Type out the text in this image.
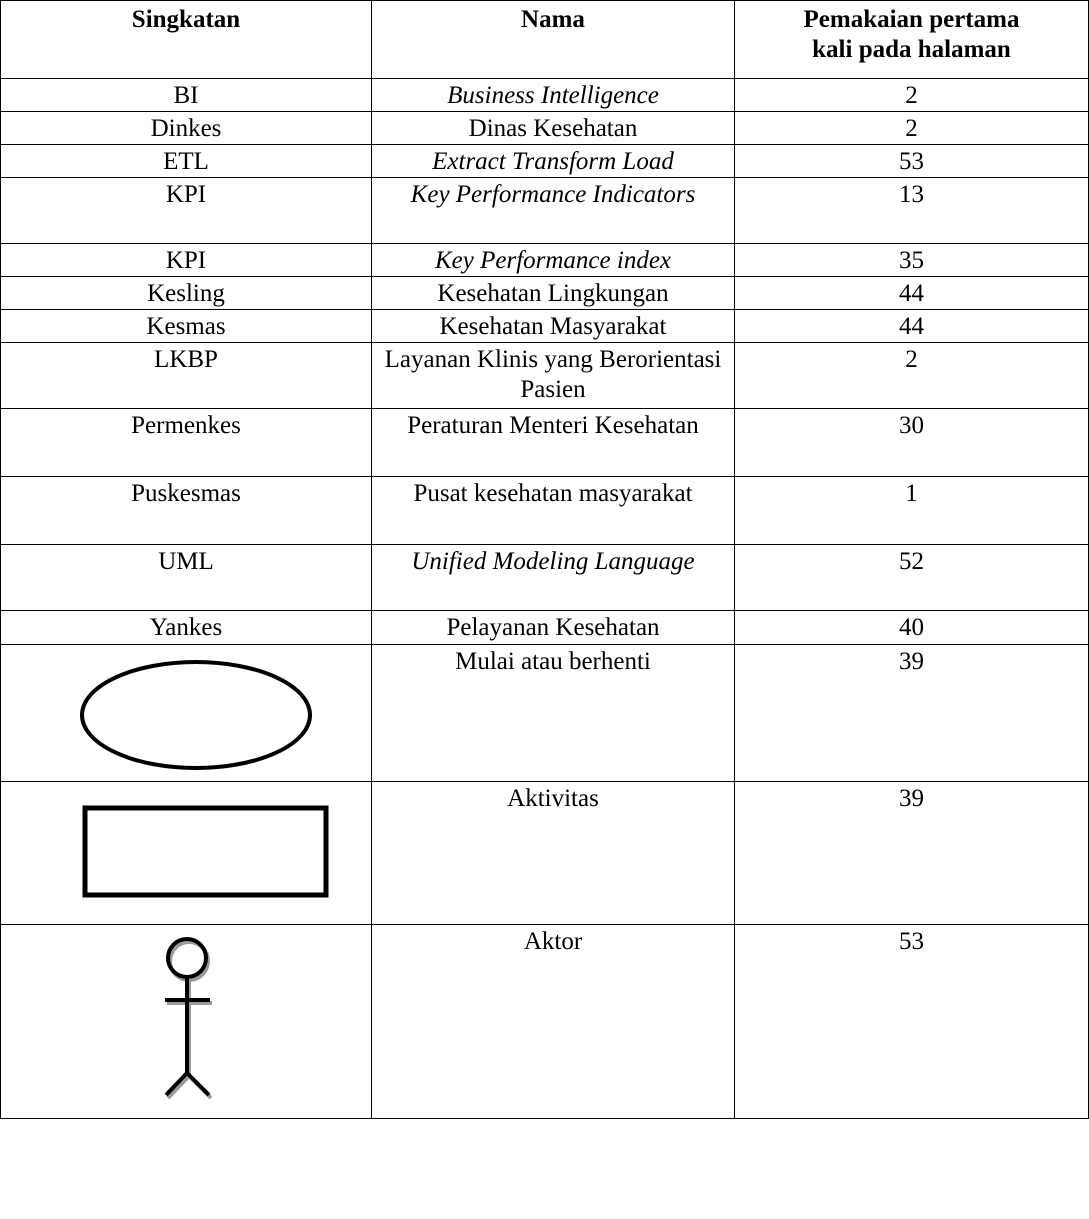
Singkatan	Nama	Pemakaian pertama
kali pada halaman

BI	Business Intelligence	2
Dinkes	Dinas Kesehatan	2
ETL	Extract Transform Load	53
KPI	Key Performance Indicators	13
KPI	Key Performance index	35
Kesling	Kesehatan Lingkungan	44
Kesmas	Kesehatan Masyarakat	44
LKBP	Layanan Klinis yang Berorientasi Pasien	2
Permenkes	Peraturan Menteri Kesehatan	30
Puskesmas	Pusat kesehatan masyarakat	1
UML	Unified Modeling Language	52
Yankes	Pelayanan Kesehatan	40

	Mulai atau berhenti	39

	Aktivitas	39

	Aktor	53
